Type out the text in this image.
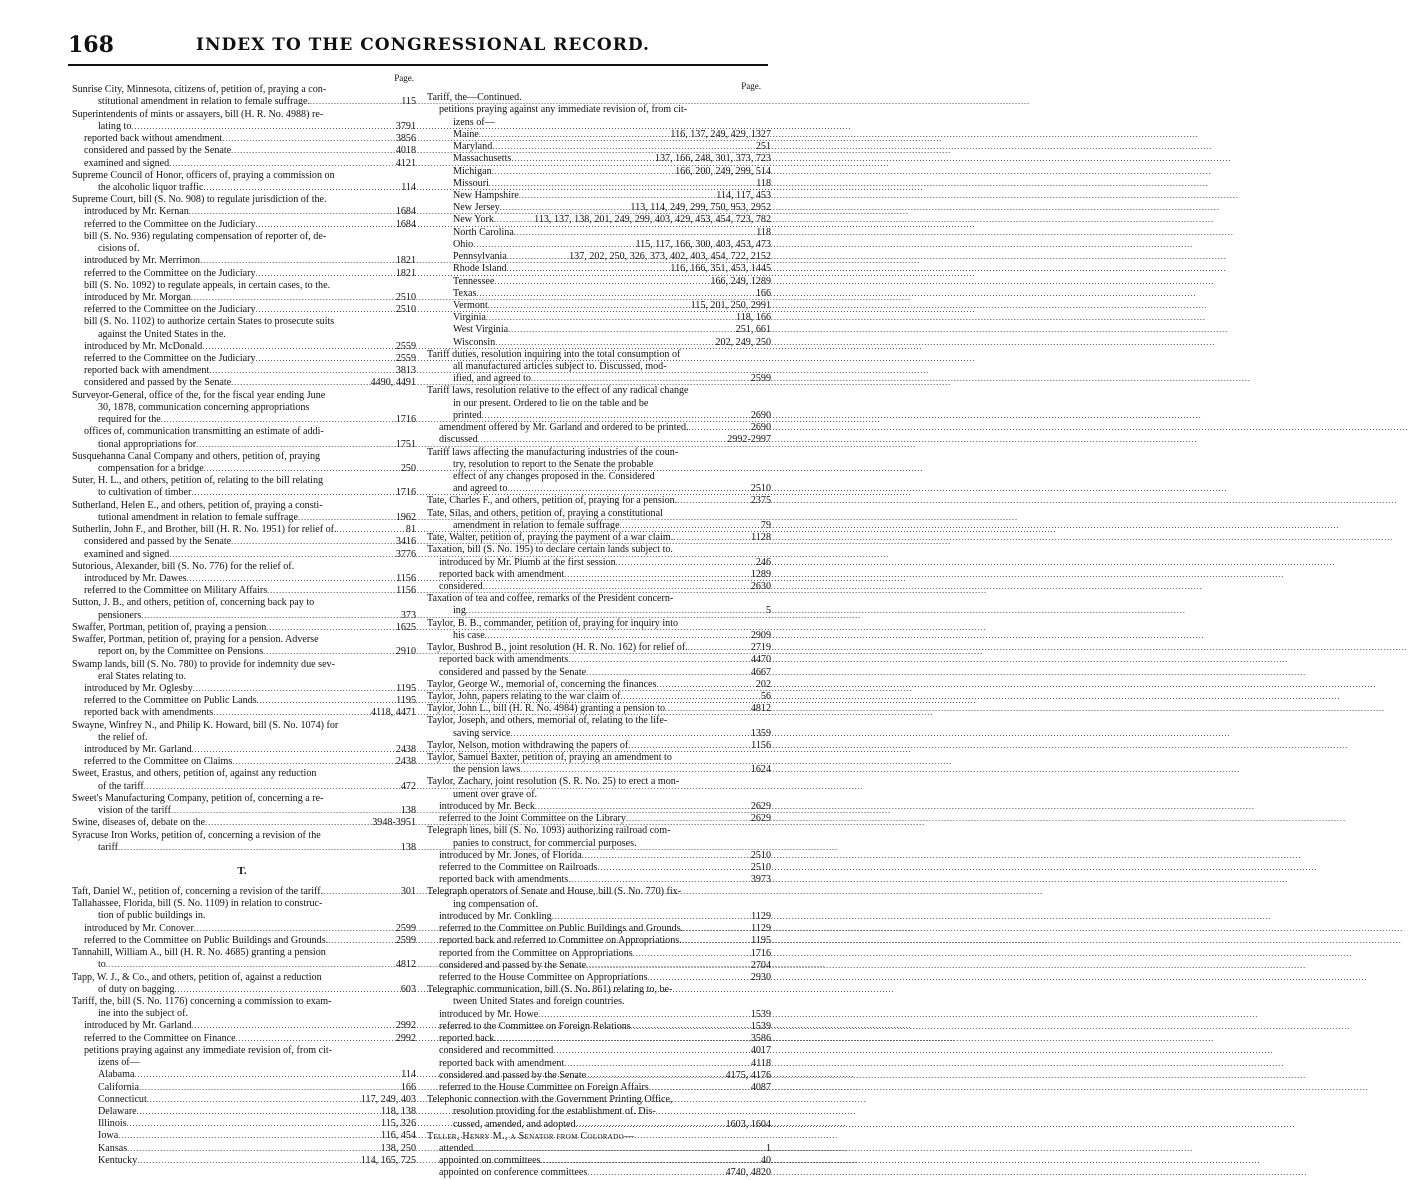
168	INDEX TO THE CONGRESSIONAL RECORD.
Page.
Sunrise City, Minnesota, citizens of, petition of, praying a con-
stitutional amendment in relation to female suffrage. .....	115
Superintendents of mints or assayers, bill (H. R. No. 4988) re-
lating to .....	3791
reported back without amendment .....	3856
considered and passed by the Senate .....	4018
examined and signed .....	4121
Supreme Council of Honor, officers of, praying a commission on
the alcoholic liquor traffic .....	114
Supreme Court, bill (S. No. 908) to regulate jurisdiction of the.
introduced by Mr. Kernan .....	1684
referred to the Committee on the Judiciary .....	1684
bill (S. No. 936) regulating compensation of reporter of, de-
cisions of.
introduced by Mr. Merrimon .....	1821
referred to the Committee on the Judiciary .....	1821
bill (S. No. 1092) to regulate appeals, in certain cases, to the.
introduced by Mr. Morgan .....	2510
referred to the Committee on the Judiciary .....	2510
bill (S. No. 1102) to authorize certain States to prosecute suits
against the United States in the.
introduced by Mr. McDonald .....	2559
referred to the Committee on the Judiciary .....	2559
reported back with amendment .....	3813
considered and passed by the Senate .....	4490, 4491
Surveyor-General, office of the, for the fiscal year ending June
30, 1878, communication concerning appropriations
required for the .....	1716
offices of, communication transmitting an estimate of addi-
tional appropriations for .....	1751
Susquehanna Canal Company and others, petition of, praying
compensation for a bridge .....	250
Suter, H. L., and others, petition of, relating to the bill relating
to cultivation of timber .....	1716
Sutherland, Helen E., and others, petition of, praying a consti-
tutional amendment in relation to female suffrage .....	1962
Sutherlin, John F., and Brother, bill (H. R. No. 1951) for relief of. .....	81
considered and passed by the Senate .....	3416
examined and signed .....	3776
Sutorious, Alexander, bill (S. No. 776) for the relief of.
introduced by Mr. Dawes .....	1156
referred to the Committee on Military Affairs .....	1156
Sutton, J. B., and others, petition of, concerning back pay to
pensioners .....	373
Swaffer, Portman, petition of, praying a pension .....	1625
Swaffer, Portman, petition of, praying for a pension. Adverse
report on, by the Committee on Pensions .....	2910
Swamp lands, bill (S. No. 780) to provide for indemnity due sev-
eral States relating to.
introduced by Mr. Oglesby .....	1195
referred to the Committee on Public Lands .....	1195
reported back with amendments .....	4118, 4471
Swayne, Winfrey N., and Philip K. Howard, bill (S. No. 1074) for
the relief of.
introduced by Mr. Garland .....	2438
referred to the Committee on Claims .....	2438
Sweet, Erastus, and others, petition of, against any reduction
of the tariff .....	472
Sweet's Manufacturing Company, petition of, concerning a re-
vision of the tariff .....	138
Swine, diseases of, debate on the .....	3948-3951
Syracuse Iron Works, petition of, concerning a revision of the
tariff .....	138
T.
Taft, Daniel W., petition of, concerning a revision of the tariff. .....	301
Tallahassee, Florida, bill (S. No. 1109) in relation to construc-
tion of public buildings in.
introduced by Mr. Conover .....	2599
referred to the Committee on Public Buildings and Grounds. .....	2599
Tannahill, William A., bill (H. R. No. 4685) granting a pension
to .....	4812
Tapp, W. J., & Co., and others, petition of, against a reduction
of duty on bagging .....	603
Tariff, the, bill (S. No. 1176) concerning a commission to exam-
ine into the subject of.
introduced by Mr. Garland .....	2992
referred to the Committee on Finance .....	2992
petitions praying against any immediate revision of, from cit-
izens of—
Alabama .....	114
California .....	166
Connecticut .....	117, 249, 403
Delaware .....	118, 138
Illinois .....	115, 326
Iowa .....	116, 454
Kansas .....	138, 250
Kentucky .....	114, 165, 725
Page.
Tariff, the—Continued.
petitions praying against any immediate revision of, from cit-
izens of—
Maine .....	116, 137, 249, 429, 1327
Maryland .....	251
Massachusetts .....	137, 166, 248, 301, 373, 723
Michigan .....	166, 200, 249, 299, 514
Missouri .....	118
New Hampshire .....	114, 117, 453
New Jersey .....	113, 114, 249, 299, 750, 953, 2952
New York .....	113, 137, 138, 201, 249, 299, 403, 429, 453, 454, 723, 782
North Carolina .....	118
Ohio .....	115, 117, 166, 300, 403, 453, 473
Pennsylvania .....	137, 202, 250, 326, 373, 402, 403, 454, 722, 2152
Rhode Island .....	116, 166, 351, 453, 1445
Tennessee .....	166, 249, 1289
Texas .....	166
Vermont .....	115, 201, 250, 2991
Virginia .....	118, 166
West Virginia .....	251, 661
Wisconsin .....	202, 249, 250
Tariff duties, resolution inquiring into the total consumption of
all manufactured articles subject to. Discussed, mod-
ified, and agreed to .....	2599
Tariff laws, resolution relative to the effect of any radical change
in our present. Ordered to lie on the table and be
printed .....	2690
amendment offered by Mr. Garland and ordered to be printed. .....	2690
discussed .....	2992-2997
Tariff laws affecting the manufacturing industries of the coun-
try, resolution to report to the Senate the probable
effect of any changes proposed in the. Considered
and agreed to .....	2510
Tate, Charles F., and others, petition of, praying for a pension. .....	2375
Tate, Silas, and others, petition of, praying a constitutional
amendment in relation to female suffrage .....	79
Tate, Walter, petition of, praying the payment of a war claim. .....	1128
Taxation, bill (S. No. 195) to declare certain lands subject to.
introduced by Mr. Plumb at the first session .....	246
reported back with amendment .....	1289
considered .....	2630
Taxation of tea and coffee, remarks of the President concern-
ing .....	5
Taylor, B. B., commander, petition of, praying for inquiry into
his case .....	2909
Taylor, Bushrod B., joint resolution (H. R. No. 162) for relief of. .....	2719
reported back with amendments .....	4470
considered and passed by the Senate .....	4667
Taylor, George W., memorial of, concerning the finances .....	202
Taylor, John, papers relating to the war claim of .....	56
Taylor, John L., bill (H. R. No. 4984) granting a pension to .....	4812
Taylor, Joseph, and others, memorial of, relating to the life-
saving service .....	1359
Taylor, Nelson, motion withdrawing the papers of .....	1156
Taylor, Samuel Baxter, petition of, praying an amendment to
the pension laws .....	1624
Taylor, Zachary, joint resolution (S. R. No. 25) to erect a mon-
ument over grave of.
introduced by Mr. Beck .....	2629
referred to the Joint Committee on the Library .....	2629
Telegraph lines, bill (S. No. 1093) authorizing railroad com-
panies to construct, for commercial purposes.
introduced by Mr. Jones, of Florida .....	2510
referred to the Committee on Railroads .....	2510
reported back with amendments .....	3973
Telegraph operators of Senate and House, bill (S. No. 770) fix-
ing compensation of.
introduced by Mr. Conkling .....	1129
referred to the Committee on Public Buildings and Grounds. .....	1129
reported back and referred to Committee on Appropriations. .....	1195
reported from the Committee on Appropriations .....	1716
considered and passed by the Senate .....	2704
referred to the House Committee on Appropriations .....	2930
Telegraphic communication, bill (S. No. 861) relating to, be-
tween United States and foreign countries.
introduced by Mr. Howe .....	1539
referred to the Committee on Foreign Relations .....	1539
reported back .....	3586
considered and recommitted .....	4017
reported back with amendment .....	4118
considered and passed by the Senate .....	4175, 4176
referred to the House Committee on Foreign Affairs .....	4087
Telephonic connection with the Government Printing Office,
resolution providing for the establishment of. Dis-
cussed, amended, and adopted .....	1603, 1604
Teller, Henry M., a Senator from Colorado—
attended .....	1
appointed on committees .....	40
appointed on conference committees .....	4740, 4820
